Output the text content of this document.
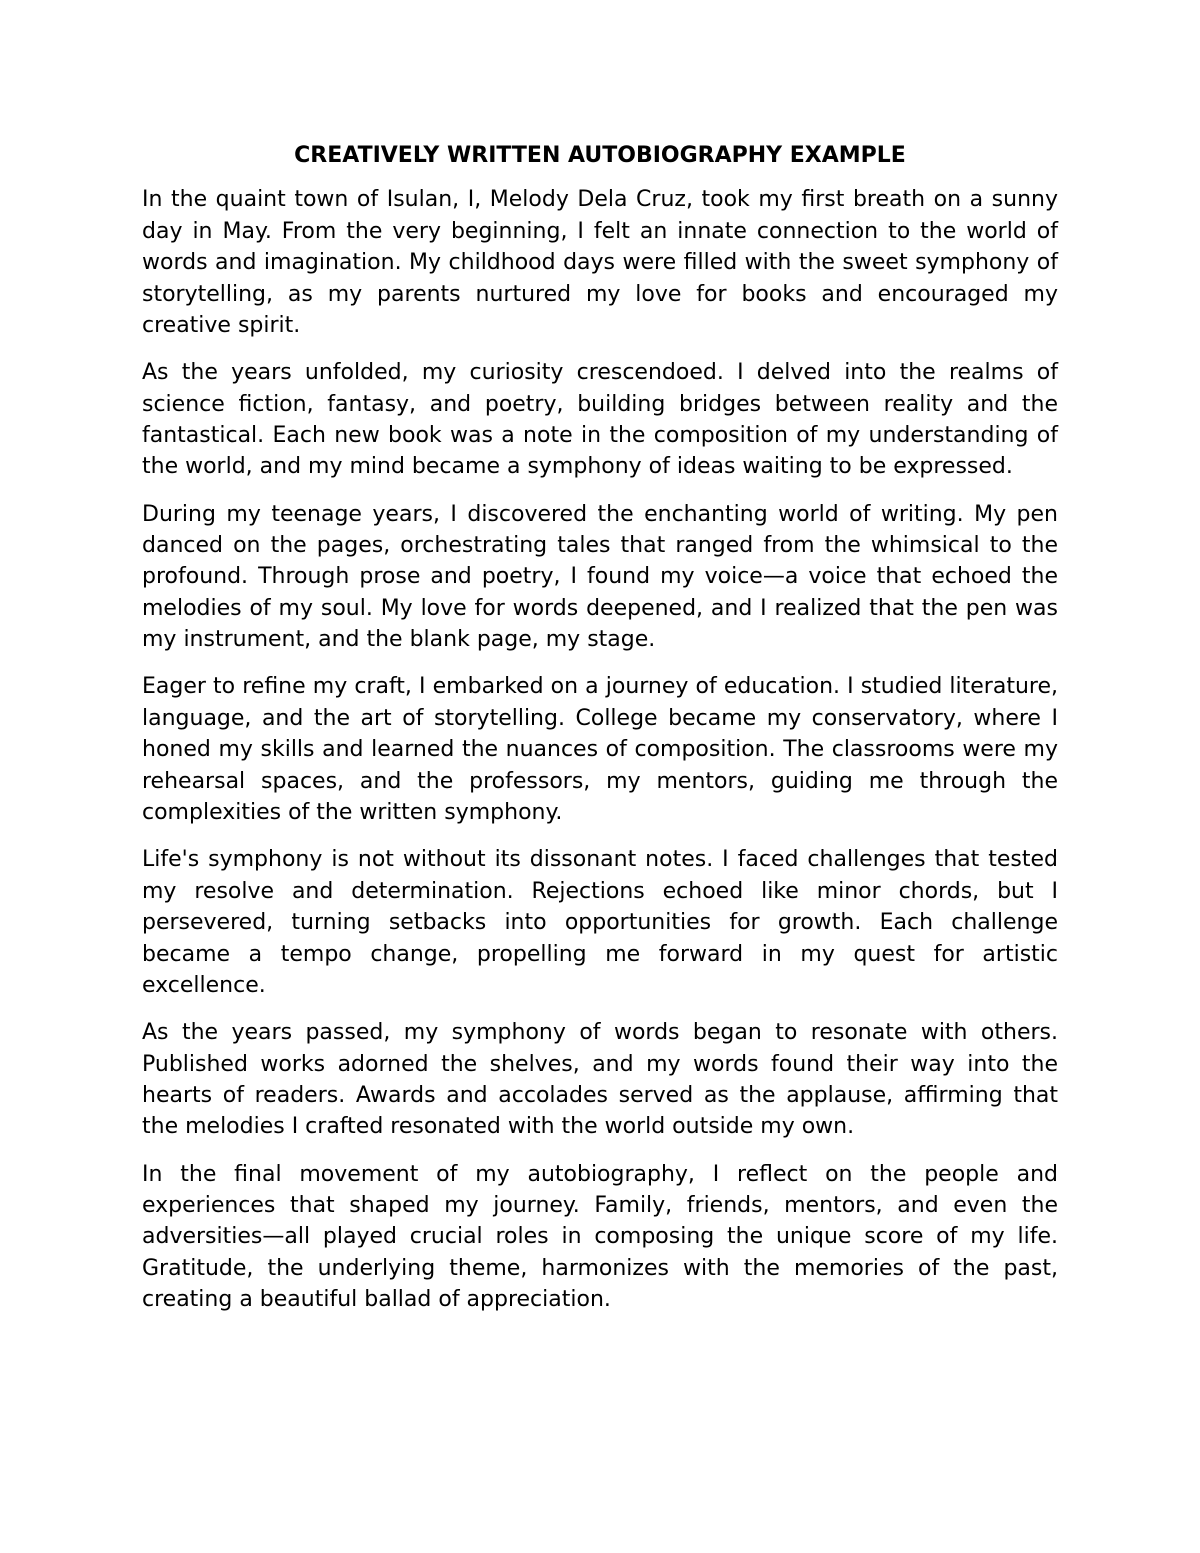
CREATIVELY WRITTEN AUTOBIOGRAPHY EXAMPLE

In the quaint town of Isulan, I, Melody Dela Cruz, took my first breath on a sunny day in May. From the very beginning, I felt an innate connection to the world of words and imagination. My childhood days were filled with the sweet symphony of storytelling, as my parents nurtured my love for books and encouraged my creative spirit.

As the years unfolded, my curiosity crescendoed. I delved into the realms of science fiction, fantasy, and poetry, building bridges between reality and the fantastical. Each new book was a note in the composition of my understanding of the world, and my mind became a symphony of ideas waiting to be expressed.

During my teenage years, I discovered the enchanting world of writing. My pen danced on the pages, orchestrating tales that ranged from the whimsical to the profound. Through prose and poetry, I found my voice—a voice that echoed the melodies of my soul. My love for words deepened, and I realized that the pen was my instrument, and the blank page, my stage.

Eager to refine my craft, I embarked on a journey of education. I studied literature, language, and the art of storytelling. College became my conservatory, where I honed my skills and learned the nuances of composition. The classrooms were my rehearsal spaces, and the professors, my mentors, guiding me through the complexities of the written symphony.

Life's symphony is not without its dissonant notes. I faced challenges that tested my resolve and determination. Rejections echoed like minor chords, but I persevered, turning setbacks into opportunities for growth. Each challenge became a tempo change, propelling me forward in my quest for artistic excellence.

As the years passed, my symphony of words began to resonate with others. Published works adorned the shelves, and my words found their way into the hearts of readers. Awards and accolades served as the applause, affirming that the melodies I crafted resonated with the world outside my own.

In the final movement of my autobiography, I reflect on the people and experiences that shaped my journey. Family, friends, mentors, and even the adversities—all played crucial roles in composing the unique score of my life. Gratitude, the underlying theme, harmonizes with the memories of the past, creating a beautiful ballad of appreciation.
